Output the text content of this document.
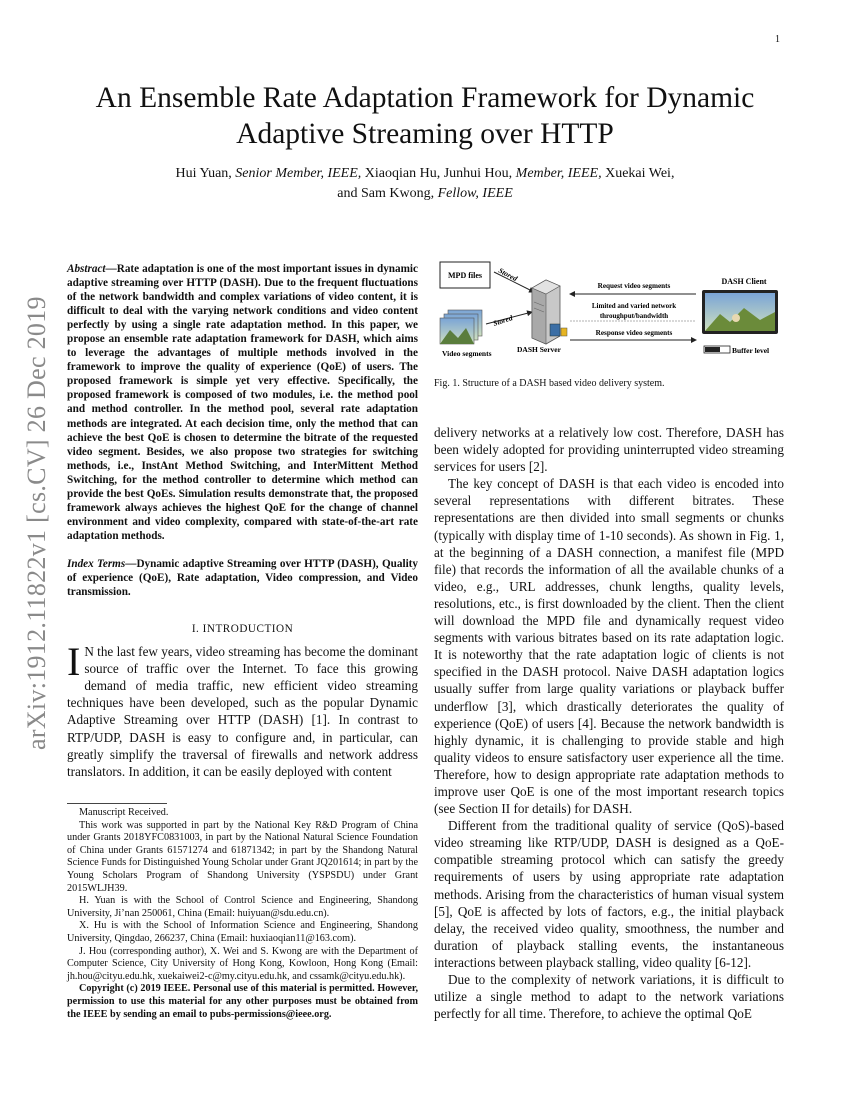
1
arXiv:1912.11822v1 [cs.CV] 26 Dec 2019
An Ensemble Rate Adaptation Framework for Dynamic Adaptive Streaming over HTTP
Hui Yuan, Senior Member, IEEE, Xiaoqian Hu, Junhui Hou, Member, IEEE, Xuekai Wei,
and Sam Kwong, Fellow, IEEE

Abstract—Rate adaptation is one of the most important issues in dynamic adaptive streaming over HTTP (DASH). Due to the frequent fluctuations of the network bandwidth and complex variations of video content, it is difficult to deal with the varying network conditions and video content perfectly by using a single rate adaptation method. In this paper, we propose an ensemble rate adaptation framework for DASH, which aims to leverage the advantages of multiple methods involved in the framework to improve the quality of experience (QoE) of users. The proposed framework is simple yet very effective. Specifically, the proposed framework is composed of two modules, i.e. the method pool and method controller. In the method pool, several rate adaptation methods are integrated. At each decision time, only the method that can achieve the best QoE is chosen to determine the bitrate of the requested video segment. Besides, we also propose two strategies for switching methods, i.e., InstAnt Method Switching, and InterMittent Method Switching, for the method controller to determine which method can provide the best QoEs. Simulation results demonstrate that, the proposed framework always achieves the highest QoE for the change of channel environment and video complexity, compared with state-of-the-art rate adaptation methods.

Index Terms—Dynamic adaptive Streaming over HTTP (DASH), Quality of experience (QoE), Rate adaptation, Video compression, and Video transmission.

I. INTRODUCTION

I N the last few years, video streaming has become the dominant source of traffic over the Internet. To face this growing demand of media traffic, new efficient video streaming techniques have been developed, such as the popular Dynamic Adaptive Streaming over HTTP (DASH) [1]. In contrast to RTP/UDP, DASH is easy to configure and, in particular, can greatly simplify the traversal of firewalls and network address translators. In addition, it can be easily deployed with content

Manuscript Received.

This work was supported in part by the National Key R&D Program of China under Grants 2018YFC0831003, in part by the National Natural Science Foundation of China under Grants 61571274 and 61871342; in part by the Shandong Natural Science Funds for Distinguished Young Scholar under Grant JQ201614; in part by the Young Scholars Program of Shandong University (YSPSDU) under Grant 2015WLJH39.

H. Yuan is with the School of Control Science and Engineering, Shandong University, Ji’nan 250061, China (Email: huiyuan@sdu.edu.cn).

X. Hu is with the School of Information Science and Engineering, Shandong University, Qingdao, 266237, China (Email: huxiaoqian11@163.com).

J. Hou (corresponding author), X. Wei and S. Kwong are with the Department of Computer Science, City University of Hong Kong, Kowloon, Hong Kong (Email: jh.hou@cityu.edu.hk, xuekaiwei2-c@my.cityu.edu.hk, and cssamk@cityu.edu.hk).

Copyright (c) 2019 IEEE. Personal use of this material is permitted. However, permission to use this material for any other purposes must be obtained from the IEEE by sending an email to pubs-permissions@ieee.org.

MPD files
Video segments
Stored
Stored
DASH Server
Request video segments
Limited and varied network
throughput/bandwidth
Response video segments
DASH Client
Buffer level
Fig. 1. Structure of a DASH based video delivery system.

delivery networks at a relatively low cost. Therefore, DASH has been widely adopted for providing uninterrupted video streaming services for users [2].

The key concept of DASH is that each video is encoded into several representations with different bitrates. These representations are then divided into small segments or chunks (typically with display time of 1-10 seconds). As shown in Fig. 1, at the beginning of a DASH connection, a manifest file (MPD file) that records the information of all the available chunks of a video, e.g., URL addresses, chunk lengths, quality levels, resolutions, etc., is first downloaded by the client. Then the client will download the MPD file and dynamically request video segments with various bitrates based on its rate adaptation logic. It is noteworthy that the rate adaptation logic of clients is not specified in the DASH protocol. Naive DASH adaptation logics usually suffer from large quality variations or playback buffer underflow [3], which drastically deteriorates the quality of experience (QoE) of users [4]. Because the network bandwidth is highly dynamic, it is challenging to provide stable and high quality videos to ensure satisfactory user experience all the time. Therefore, how to design appropriate rate adaptation methods to improve user QoE is one of the most important research topics (see Section II for details) for DASH.

Different from the traditional quality of service (QoS)-based video streaming like RTP/UDP, DASH is designed as a QoE-compatible streaming protocol which can satisfy the greedy requirements of users by using appropriate rate adaptation methods. Arising from the characteristics of human visual system [5], QoE is affected by lots of factors, e.g., the initial playback delay, the received video quality, smoothness, the number and duration of playback stalling events, the instantaneous interactions between playback stalling, video quality [6-12].

Due to the complexity of network variations, it is difficult to utilize a single method to adapt to the network variations perfectly for all time. Therefore, to achieve the optimal QoE
